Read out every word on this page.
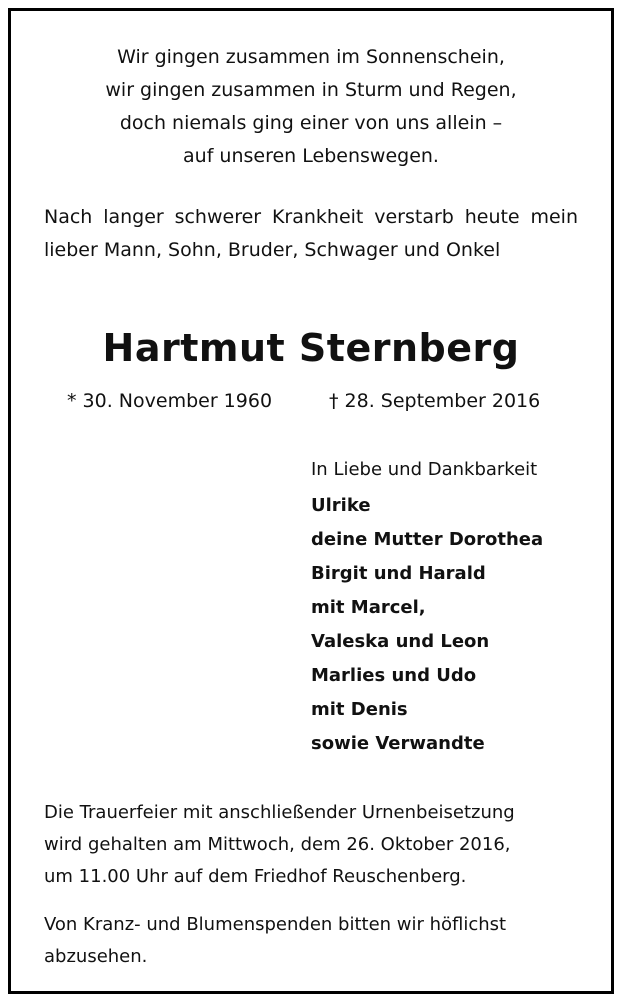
Wir gingen zusammen im Sonnenschein,
wir gingen zusammen in Sturm und Regen,
doch niemals ging einer von uns allein –
auf unseren Lebenswegen.
Nach langer schwerer Krankheit verstarb heute mein lieber Mann, Sohn, Bruder, Schwager und Onkel
Hartmut Sternberg
* 30. November 1960	† 28. September 2016
In Liebe und Dankbarkeit
Ulrike
deine Mutter Dorothea
Birgit und Harald
mit Marcel,
Valeska und Leon
Marlies und Udo
mit Denis
sowie Verwandte
Die Trauerfeier mit anschließender Urnenbeisetzung
wird gehalten am Mittwoch, dem 26. Oktober 2016,
um 11.00 Uhr auf dem Friedhof Reuschenberg.
Von Kranz- und Blumenspenden bitten wir höflichst
abzusehen.
